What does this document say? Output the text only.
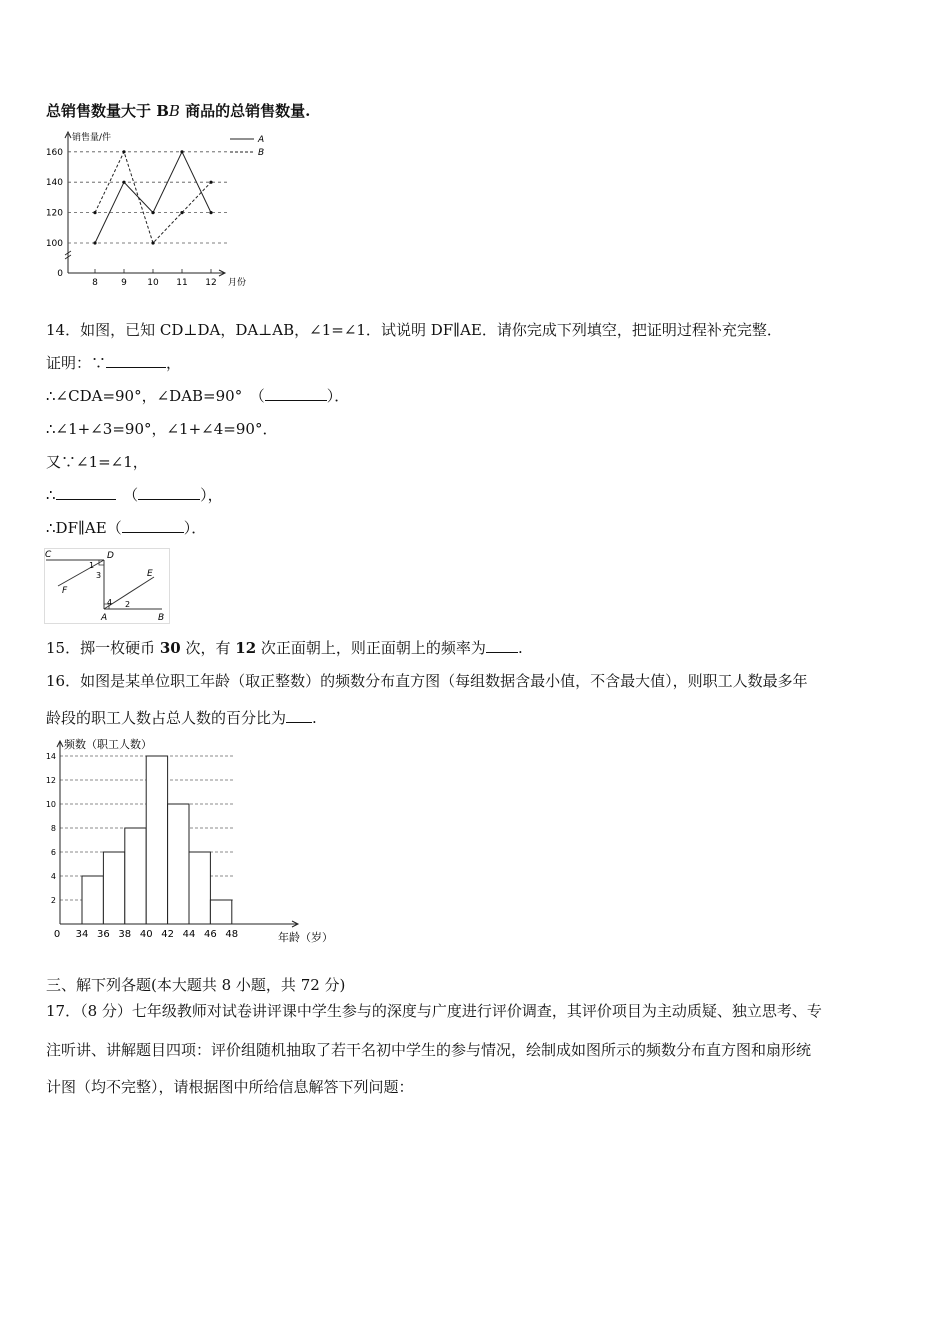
总销售数量大于 BB 商品的总销售数量.
0
100
120
140
160
8	9 10 11 12
A
B
销售量/件
月份
14．如图，已知 CD⊥DA，DA⊥AB，∠1=∠1．试说明 DF∥AE．请你完成下列填空，把证明过程补充完整．
证明：∵	，
∴∠CDA=90°，∠DAB=90°　（	）．
∴∠1+∠3=90°，∠1+∠4=90°．
又∵∠1=∠1，
∴　	（	），
∴DF∥AE（	）．
C	D
F
E
A	B
1
3
4 2
15．掷一枚硬币 30 次，有 12 次正面朝上，则正面朝上的频率为 .
16．如图是某单位职工年龄（取正整数）的频数分布直方图（每组数据含最小值，不含最大值），则职工人数最多年
龄段的职工人数占总人数的百分比为 .
2
4
6
8
10
12
14
0 34 36 38 40 42 44 46 48
频数（职工人数）
年龄（岁）
三、解下列各题(本大题共 8 小题，共 72 分)
17．（8 分）七年级教师对试卷讲评课中学生参与的深度与广度进行评价调查，其评价项目为主动质疑、独立思考、专
注听讲、讲解题目四项：评价组随机抽取了若干名初中学生的参与情况，绘制成如图所示的频数分布直方图和扇形统
计图（均不完整），请根据图中所给信息解答下列问题：
